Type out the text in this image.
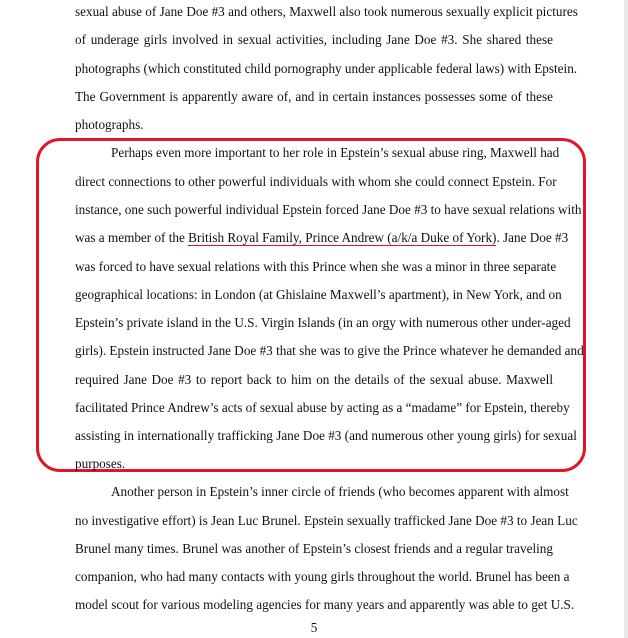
sexual abuse of Jane Doe #3 and others, Maxwell also took numerous sexually explicit pictures
of underage girls involved in sexual activities, including Jane Doe #3. She shared these
photographs (which constituted child pornography under applicable federal laws) with Epstein.
The Government is apparently aware of, and in certain instances possesses some of these
photographs.
Perhaps even more important to her role in Epstein’s sexual abuse ring, Maxwell had
direct connections to other powerful individuals with whom she could connect Epstein. For
instance, one such powerful individual Epstein forced Jane Doe #3 to have sexual relations with
was a member of the British Royal Family, Prince Andrew (a/k/a Duke of York). Jane Doe #3
was forced to have sexual relations with this Prince when she was a minor in three separate
geographical locations: in London (at Ghislaine Maxwell’s apartment), in New York, and on
Epstein’s private island in the U.S. Virgin Islands (in an orgy with numerous other under-aged
girls). Epstein instructed Jane Doe #3 that she was to give the Prince whatever he demanded and
required Jane Doe #3 to report back to him on the details of the sexual abuse. Maxwell
facilitated Prince Andrew’s acts of sexual abuse by acting as a “madame” for Epstein, thereby
assisting in internationally trafficking Jane Doe #3 (and numerous other young girls) for sexual
purposes.
Another person in Epstein’s inner circle of friends (who becomes apparent with almost
no investigative effort) is Jean Luc Brunel. Epstein sexually trafficked Jane Doe #3 to Jean Luc
Brunel many times. Brunel was another of Epstein’s closest friends and a regular traveling
companion, who had many contacts with young girls throughout the world. Brunel has been a
model scout for various modeling agencies for many years and apparently was able to get U.S.
5
